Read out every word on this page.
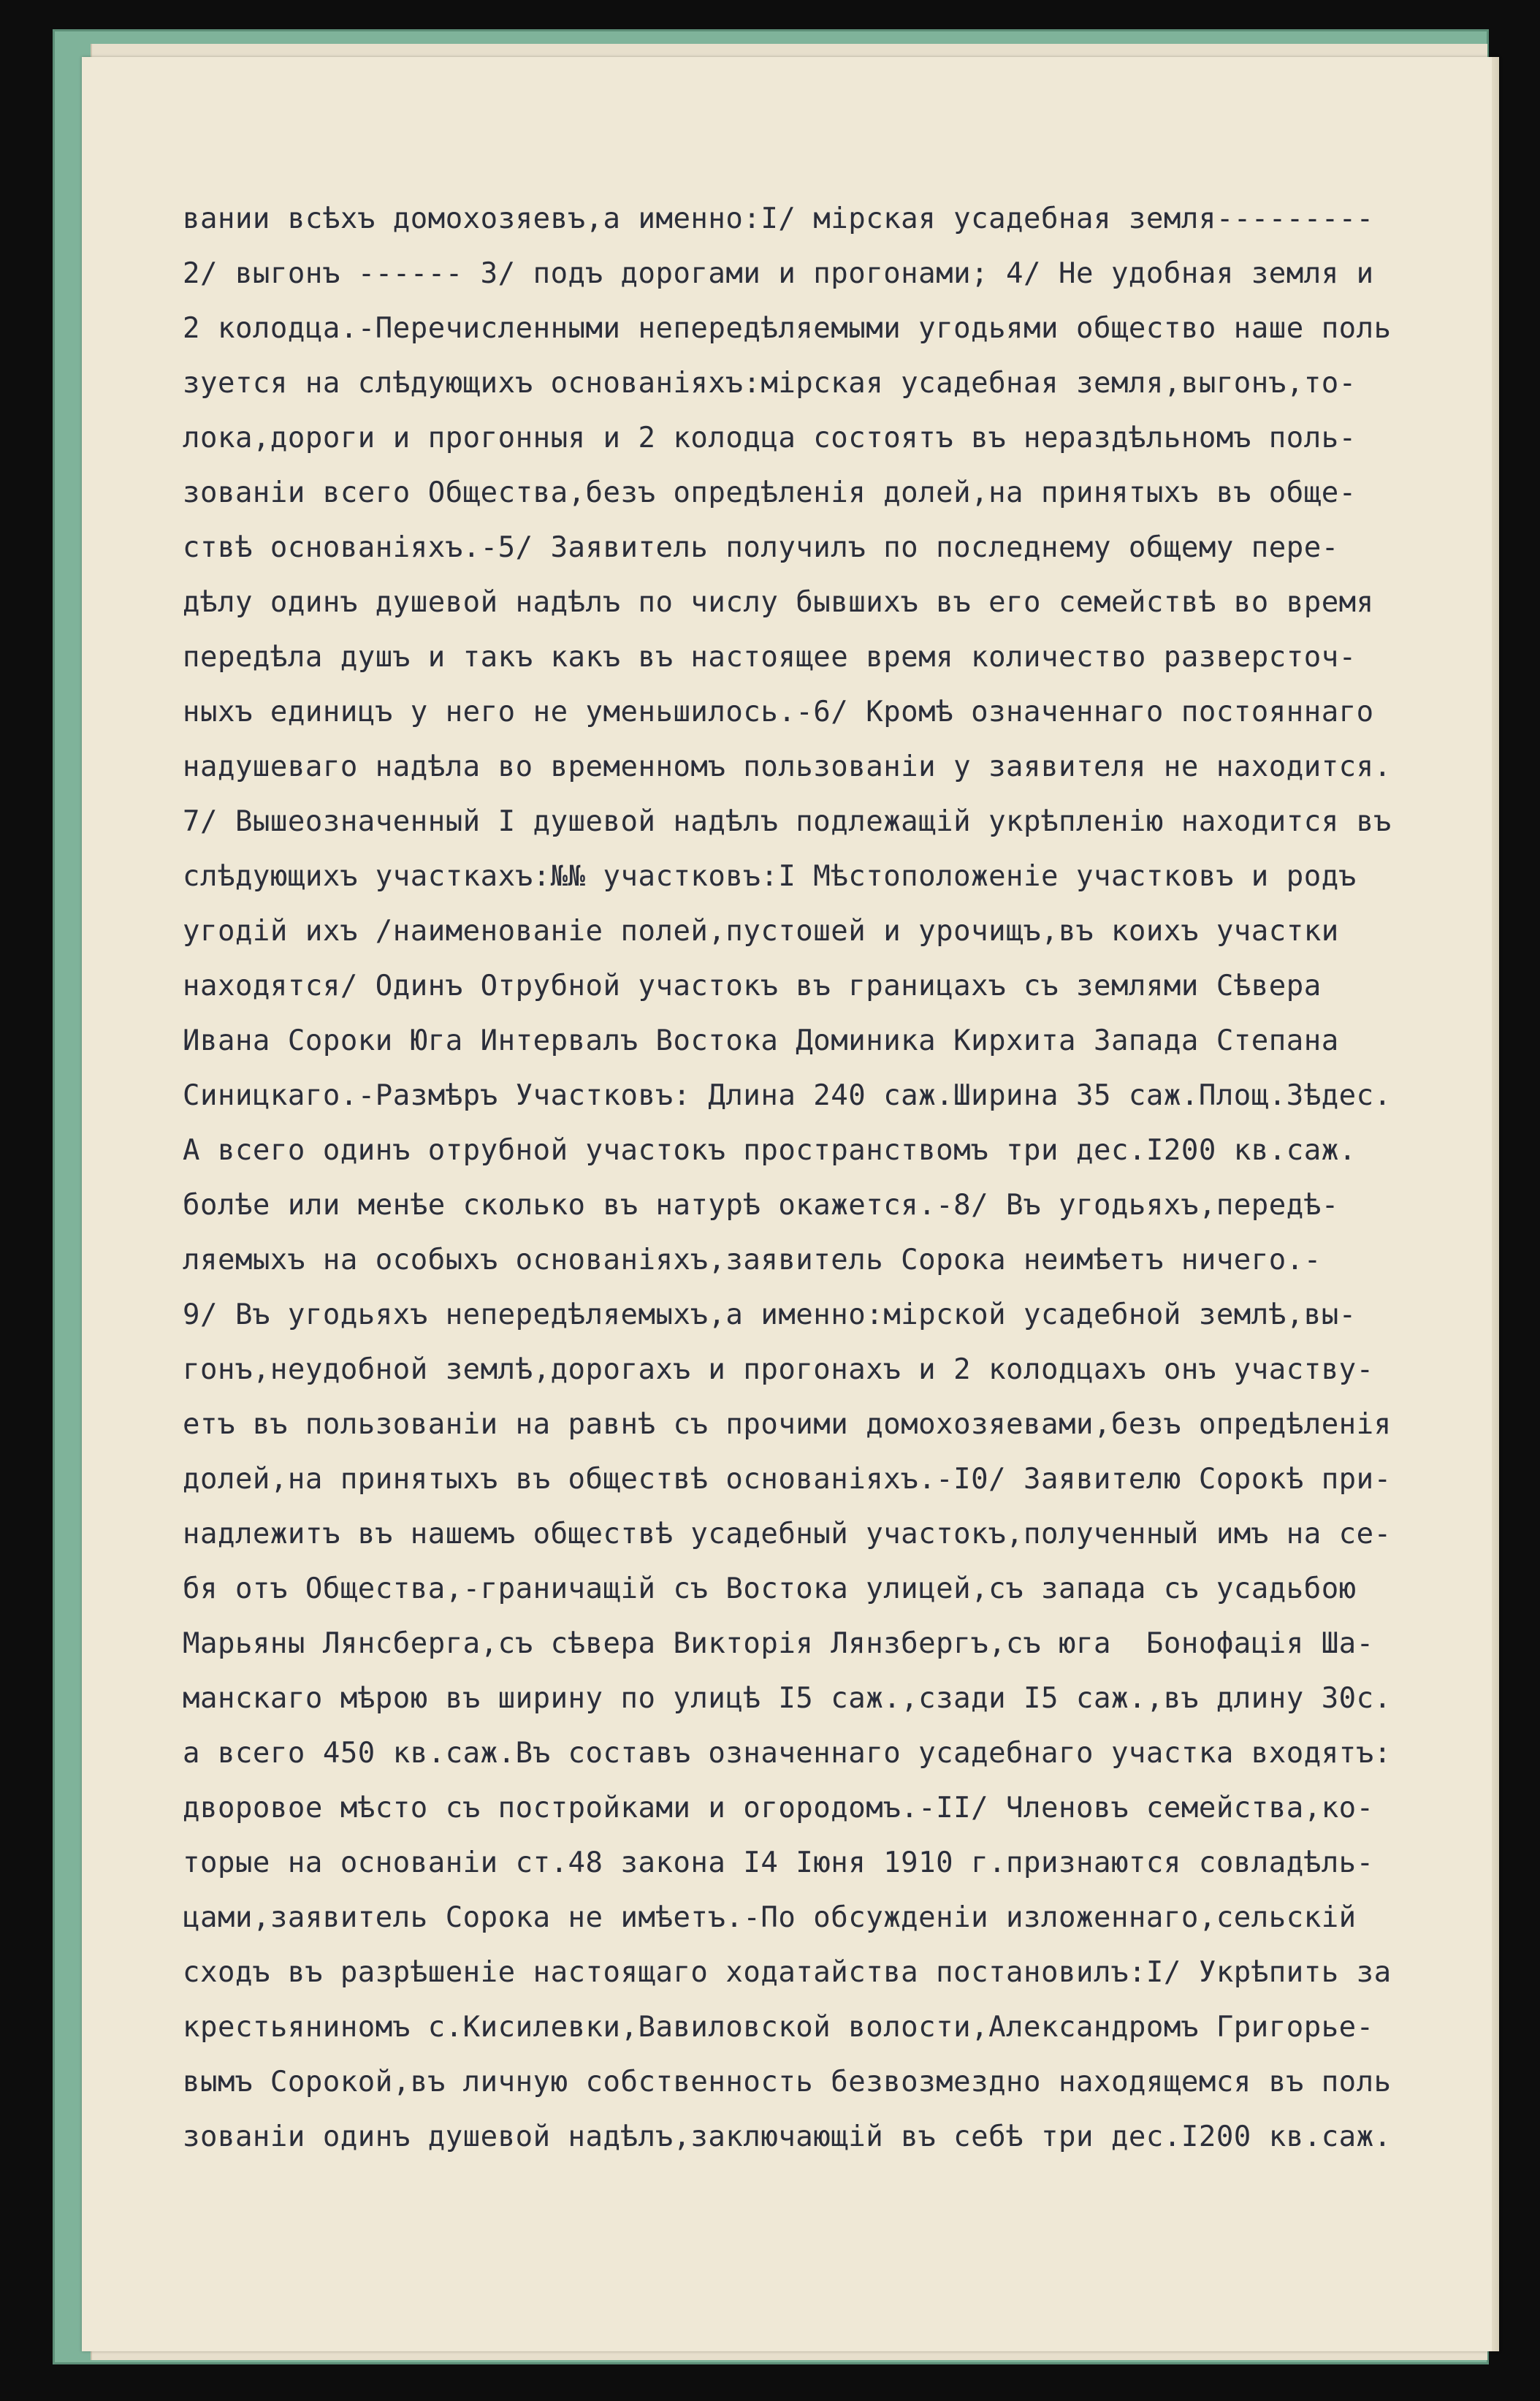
вании всѣхъ домохозяевъ,а именно:I/ мірская усадебная земля---------
2/ выгонъ ------ 3/ подъ дорогами и прогонами; 4/ Не удобная земля и
2 колодца.-Перечисленными непередѣляемыми угодьями общество наше поль
зуется на слѣдующихъ основаніяхъ:мірская усадебная земля,выгонъ,то-
лока,дороги и прогонныя и 2 колодца состоятъ въ нераздѣльномъ поль-
зованіи всего Общества,безъ опредѣленія долей,на принятыхъ въ обще-
ствѣ основаніяхъ.-5/ Заявитель получилъ по последнему общему пере-
дѣлу одинъ душевой надѣлъ по числу бывшихъ въ его семействѣ во время
передѣла душъ и такъ какъ въ настоящее время количество разверсточ-
ныхъ единицъ у него не уменьшилось.-6/ Кромѣ означеннаго постояннаго
надушеваго надѣла во временномъ пользованіи у заявителя не находится.
7/ Вышеозначенный I душевой надѣлъ подлежащій укрѣпленію находится въ
слѣдующихъ участкахъ:№№ участковъ:I Мѣстоположеніе участковъ и родъ
угодій ихъ /наименованіе полей,пустошей и урочищъ,въ коихъ участки
находятся/ Одинъ Отрубной участокъ въ границахъ съ землями Сѣвера
Ивана Сороки Юга Интервалъ Востока Доминика Кирхита Запада Степана
Синицкаго.-Размѣръ Участковъ: Длина 240 саж.Ширина 35 саж.Площ.3ѣдес.
А всего одинъ отрубной участокъ пространствомъ три дес.I200 кв.саж.
болѣе или менѣе сколько въ натурѣ окажется.-8/ Въ угодьяхъ,передѣ-
ляемыхъ на особыхъ основаніяхъ,заявитель Сорока неимѣетъ ничего.-
9/ Въ угодьяхъ непередѣляемыхъ,а именно:мірской усадебной землѣ,вы-
гонъ,неудобной землѣ,дорогахъ и прогонахъ и 2 колодцахъ онъ участву-
етъ въ пользованіи на равнѣ съ прочими домохозяевами,безъ опредѣленія
долей,на принятыхъ въ обществѣ основаніяхъ.-I0/ Заявителю Сорокѣ при-
надлежитъ въ нашемъ обществѣ усадебный участокъ,полученный имъ на се-
бя отъ Общества,-граничащій съ Востока улицей,съ запада съ усадьбою
Марьяны Лянсберга,съ сѣвера Викторія Лянзбергъ,съ юга  Бонофація Ша-
манскаго мѣрою въ ширину по улицѣ I5 саж.,сзади I5 саж.,въ длину 30с.
а всего 450 кв.саж.Въ составъ означеннаго усадебнаго участка входятъ:
дворовое мѣсто съ постройками и огородомъ.-II/ Членовъ семейства,ко-
торые на основаніи ст.48 закона I4 Іюня 1910 г.признаются совладѣль-
цами,заявитель Сорока не имѣетъ.-По обсужденіи изложеннаго,сельскій
сходъ въ разрѣшеніе настоящаго ходатайства постановилъ:I/ Укрѣпить за
крестьяниномъ с.Кисилевки,Вавиловской волости,Александромъ Григорье-
вымъ Сорокой,въ личную собственность безвозмездно находящемся въ поль
зованіи одинъ душевой надѣлъ,заключающій въ себѣ три дес.I200 кв.саж.
